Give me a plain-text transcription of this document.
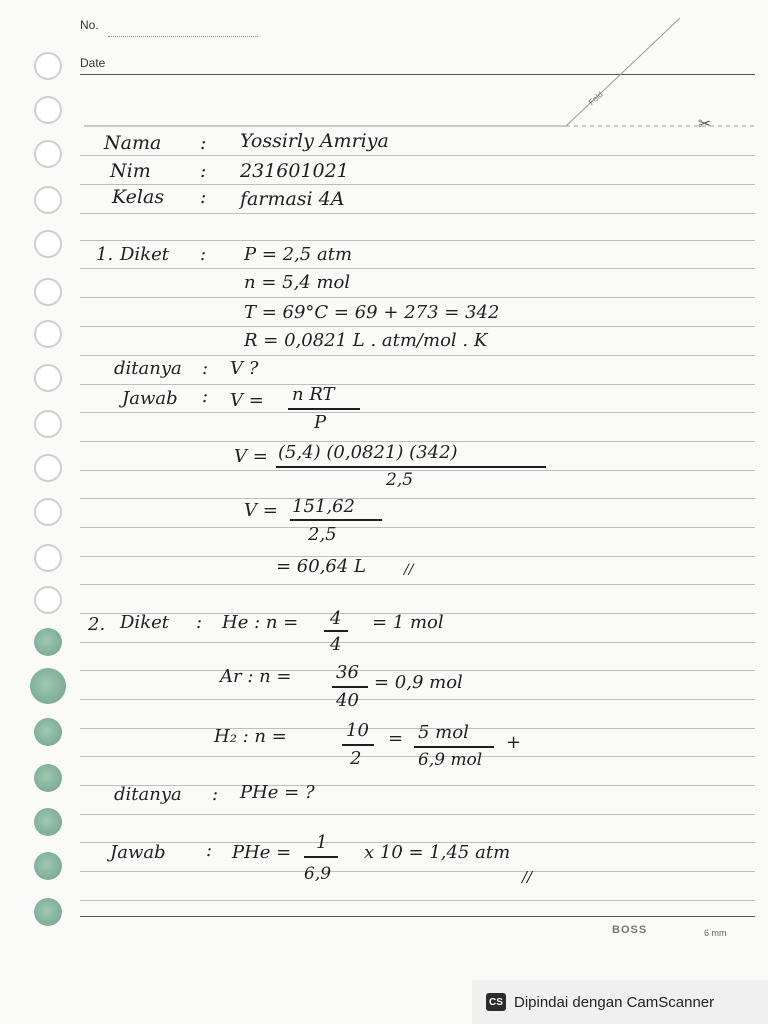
No.
Date
Fold
✂
Nama : Yossirly Amriya
Nim	: 231601021
Kelas : farmasi 4A
1. Diket : P = 2,5 atm
n = 5,4 mol
T = 69°C = 69 + 273 = 342
R = 0,0821 L . atm/mol . K
ditanya : V ?
Jawab : V = n RT
P
V = (5,4) (0,0821) (342)
2,5
V = 151,62
2,5
= 60,64 L	//
2. Diket : He : n = 4
4
= 1 mol
Ar : n = 36
40
= 0,9 mol
H₂ : n =	10
2
= 5 mol
6,9 mol
+
ditanya : PHe = ?
Jawab : PHe = 1
6,9
x 10 = 1,45 atm
//
BOSS	6 mm
CS Dipindai dengan CamScanner
